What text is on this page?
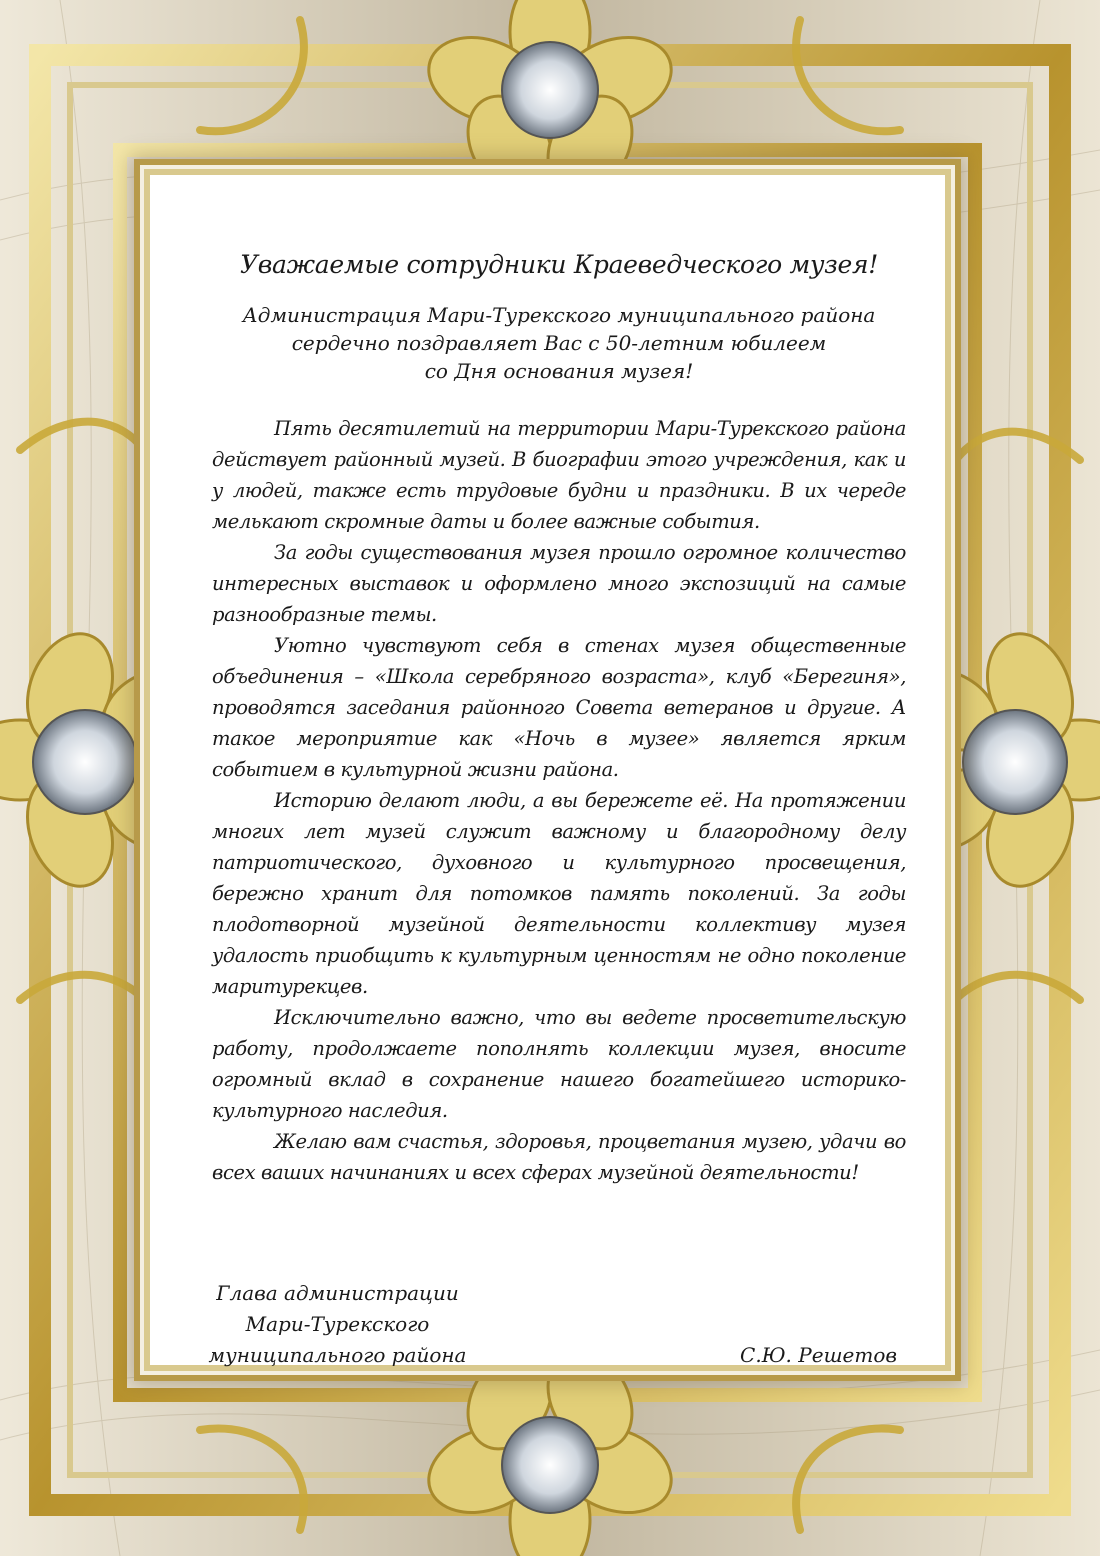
Уважаемые сотрудники Краеведческого музея!
Администрация Мари-Турекского муниципального района
сердечно поздравляет Вас с 50-летним юбилеем
со Дня основания музея!

Пять десятилетий на территории Мари-Турекского района действует районный музей. В биографии этого учреждения, как и у людей, также есть трудовые будни и праздники. В их череде мелькают скромные даты и более важные события.

За годы существования музея прошло огромное количество интересных выставок и оформлено много экспозиций на самые разнообразные темы.

Уютно чувствуют себя в стенах музея общественные объединения – «Школа серебряного возраста», клуб «Берегиня», проводятся заседания районного Совета ветеранов и другие. А такое мероприятие как «Ночь в музее» является ярким событием в культурной жизни района.

Историю делают люди, а вы бережете её. На протяжении многих лет музей служит важному и благородному делу патриотического, духовного и культурного просвещения, бережно хранит для потомков память поколений. За годы плодотворной музейной деятельности коллективу музея удалость приобщить к культурным ценностям не одно поколение маритурекцев.

Исключительно важно, что вы ведете просветительскую работу, продолжаете пополнять коллекции музея, вносите огромный вклад в сохранение нашего богатейшего историко-культурного наследия.

Желаю вам счастья, здоровья, процветания музею, удачи во всех ваших начинаниях и всех сферах музейной деятельности!

Глава администрации
Мари-Турекского
муниципального района	С.Ю. Решетов
